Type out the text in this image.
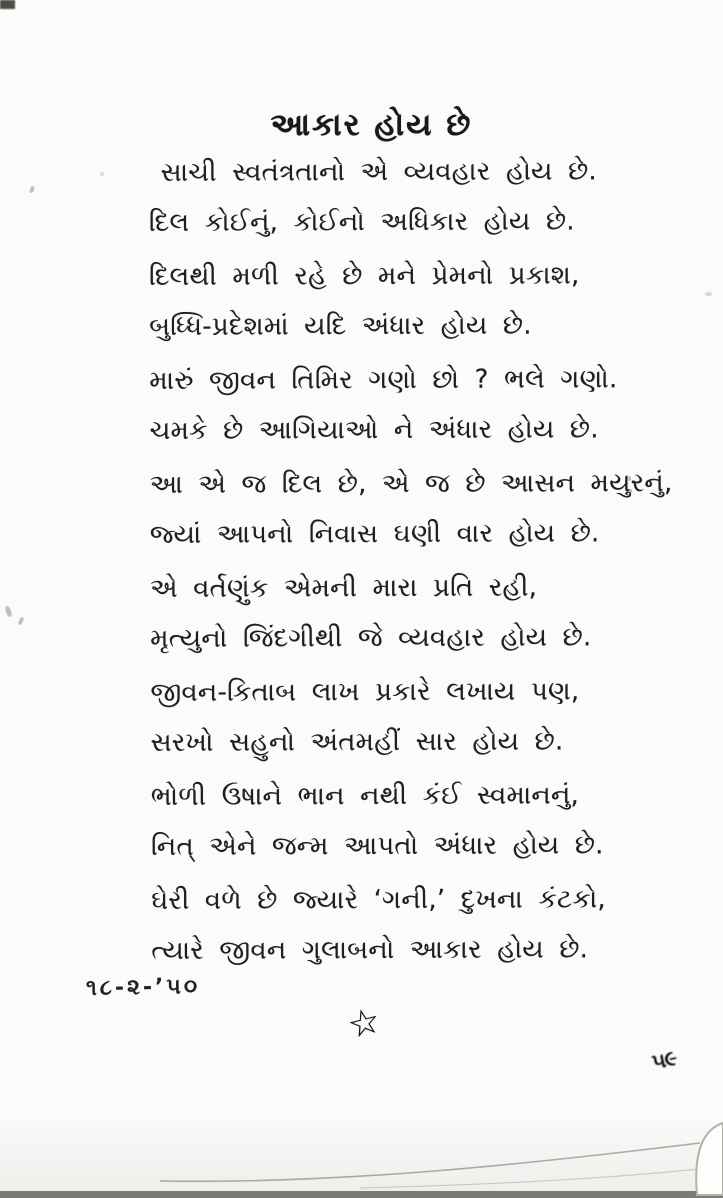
આકાર હોય છે

સાચી સ્વતંત્રતાનો એ વ્યવહાર હોય છે.

દિલ કોઈનું, કોઈનો અધિકાર હોય છે.

દિલથી મળી રહે છે મને પ્રેમનો પ્રકાશ,

બુધ્ધિ-પ્રદેશમાં યદિ અંધાર હોય છે.

મારું જીવન તિમિર ગણો છો ? ભલે ગણો.

ચમકે છે આગિયાઓ ને અંધાર હોય છે.

આ એ જ દિલ છે, એ જ છે આસન મયુરનું,

જ્યાં આપનો નિવાસ ઘણી વાર હોય છે.

એ વર્તણુંક એમની મારા પ્રતિ રહી,

મૃત્યુનો જિંદગીથી જે વ્યવહાર હોય છે.

જીવન-કિતાબ લાખ પ્રકારે લખાય પણ,

સરખો સહુનો અંતમહીં સાર હોય છે.

ભોળી ઉષાને ભાન નથી કંઈ સ્વમાનનું,

નિત્ એને જન્મ આપતો અંધાર હોય છે.

ઘેરી વળે છે જ્યારે ‘ગની,’ દુખના કંટકો,

ત્યારે જીવન ગુલાબનો આકાર હોય છે.

૧૮-૨-’૫૦
☆
૫૯
